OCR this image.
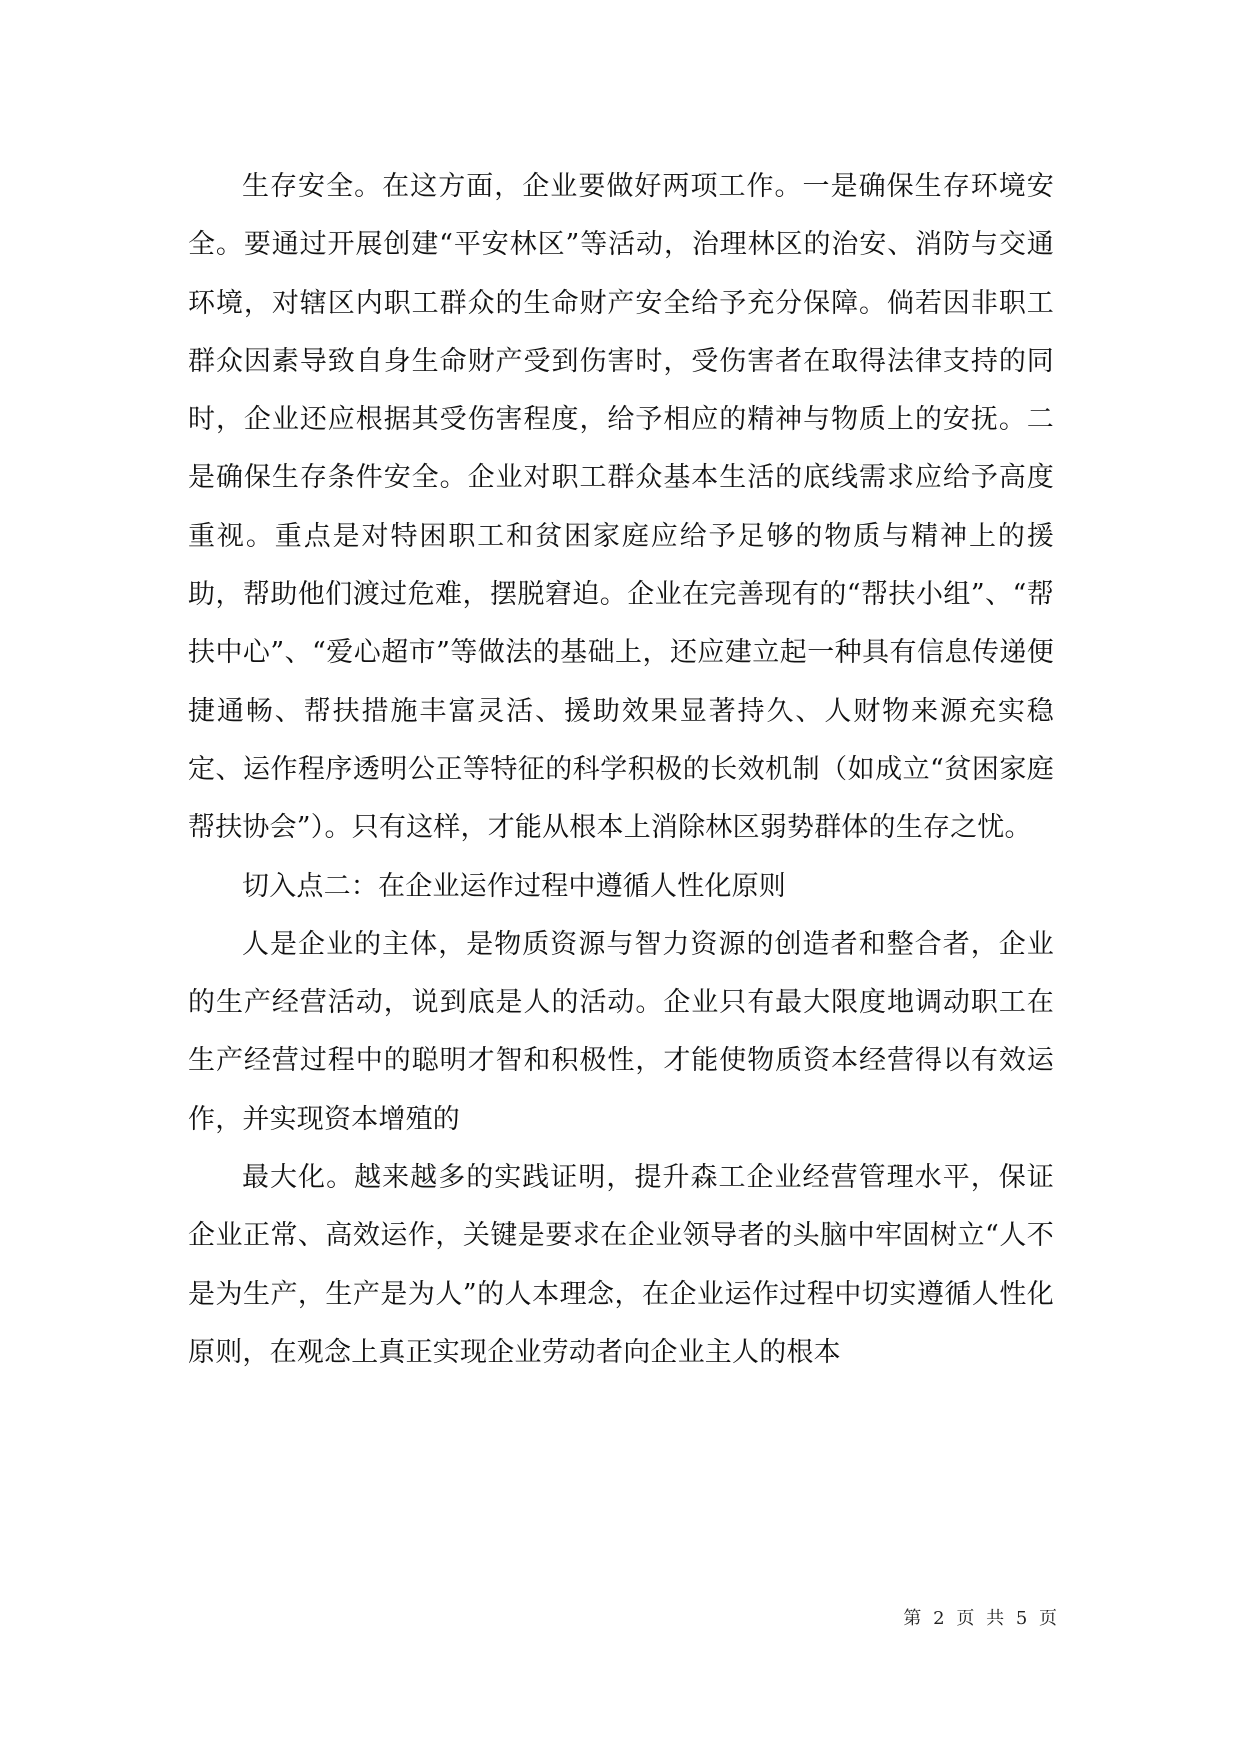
生存安全。在这方面，企业要做好两项工作。一是确保生存环境安全。要通过开展创建“平安林区”等活动，治理林区的治安、消防与交通环境，对辖区内职工群众的生命财产安全给予充分保障。倘若因非职工群众因素导致自身生命财产受到伤害时，受伤害者在取得法律支持的同时，企业还应根据其受伤害程度，给予相应的精神与物质上的安抚。二是确保生存条件安全。企业对职工群众基本生活的底线需求应给予高度重视。重点是对特困职工和贫困家庭应给予足够的物质与精神上的援助，帮助他们渡过危难，摆脱窘迫。企业在完善现有的“帮扶小组”、“帮扶中心”、“爱心超市”等做法的基础上，还应建立起一种具有信息传递便捷通畅、帮扶措施丰富灵活、援助效果显著持久、人财物来源充实稳定、运作程序透明公正等特征的科学积极的长效机制（如成立“贫困家庭帮扶协会”）。只有这样，才能从根本上消除林区弱势群体的生存之忧。

切入点二：在企业运作过程中遵循人性化原则

人是企业的主体，是物质资源与智力资源的创造者和整合者，企业的生产经营活动，说到底是人的活动。企业只有最大限度地调动职工在生产经营过程中的聪明才智和积极性，才能使物质资本经营得以有效运作，并实现资本增殖的

最大化。越来越多的实践证明，提升森工企业经营管理水平，保证企业正常、高效运作，关键是要求在企业领导者的头脑中牢固树立“人不是为生产，生产是为人”的人本理念，在企业运作过程中切实遵循人性化原则，在观念上真正实现企业劳动者向企业主人的根本

第 2 页 共 5 页
